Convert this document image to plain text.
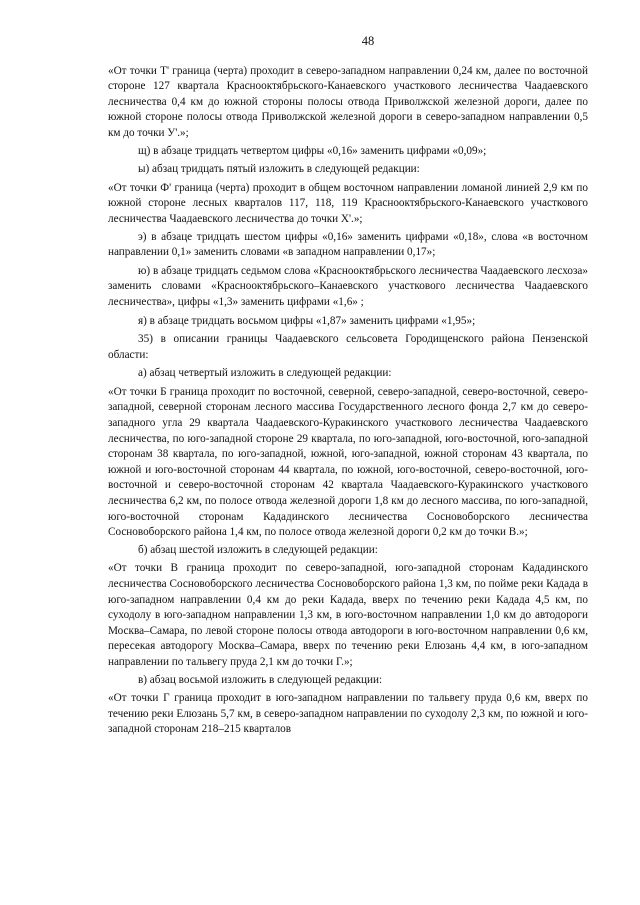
48

«От точки Т' граница (черта) проходит в северо-западном направлении 0,24 км, далее по восточной стороне 127 квартала Краснооктябрьского-Канаевского участкового лесничества Чаадаевского лесничества 0,4 км до южной стороны полосы отвода Приволжской железной дороги, далее по южной стороне полосы отвода Приволжской железной дороги в северо-западном направлении 0,5 км до точки У'.»;

щ) в абзаце тридцать четвертом цифры «0,16» заменить цифрами «0,09»;

ы) абзац тридцать пятый изложить в следующей редакции:

«От точки Ф' граница (черта) проходит в общем восточном направлении ломаной линией 2,9 км по южной стороне лесных кварталов 117, 118, 119 Краснооктябрьского-Канаевского участкового лесничества Чаадаевского лесничества до точки Х'.»;

э) в абзаце тридцать шестом цифры «0,16» заменить цифрами «0,18», слова «в восточном направлении 0,1» заменить словами «в западном направлении 0,17»;

ю) в абзаце тридцать седьмом слова «Краснооктябрьского лесничества Чаадаевского лесхоза» заменить словами «Краснооктябрьского–Канаевского участкового лесничества Чаадаевского лесничества», цифры «1,3» заменить цифрами «1,6» ;

я) в абзаце тридцать восьмом цифры «1,87» заменить цифрами «1,95»;

35) в описании границы Чаадаевского сельсовета Городищенского района Пензенской области:

а) абзац четвертый изложить в следующей редакции:

«От точки Б граница проходит по восточной, северной, северо-западной, северо-восточной, северо-западной, северной сторонам лесного массива Государственного лесного фонда 2,7 км до северо-западного угла 29 квартала Чаадаевского-Куракинского участкового лесничества Чаадаевского лесничества, по юго-западной стороне 29 квартала, по юго-западной, юго-восточной, юго-западной сторонам 38 квартала, по юго-западной, южной, юго-западной, южной сторонам 43 квартала, по южной и юго-восточной сторонам 44 квартала, по южной, юго-восточной, северо-восточной, юго-восточной и северо-восточной сторонам 42 квартала Чаадаевского-Куракинского участкового лесничества 6,2 км, по полосе отвода железной дороги 1,8 км до лесного массива, по юго-западной, юго-восточной сторонам Кададинского лесничества Сосновоборского лесничества Сосновоборского района 1,4 км, по полосе отвода железной дороги 0,2 км до точки В.»;

б) абзац шестой изложить в следующей редакции:

«От точки В граница проходит по северо-западной, юго-западной сторонам Кададинского лесничества Сосновоборского лесничества Сосновоборского района 1,3 км, по пойме реки Кадада в юго-западном направлении 0,4 км до реки Кадада, вверх по течению реки Кадада 4,5 км, по суходолу в юго-западном направлении 1,3 км, в юго-восточном направлении 1,0 км до автодороги Москва–Самара, по левой стороне полосы отвода автодороги в юго-восточном направлении 0,6 км, пересекая автодорогу Москва–Самара, вверх по течению реки Елюзань 4,4 км, в юго-западном направлении по тальвегу пруда 2,1 км до точки Г.»;

в) абзац восьмой изложить в следующей редакции:

«От точки Г граница проходит в юго-западном направлении по тальвегу пруда 0,6 км, вверх по течению реки Елюзань 5,7 км, в северо-западном направлении по суходолу 2,3 км, по южной и юго-западной сторонам 218–215 кварталов
